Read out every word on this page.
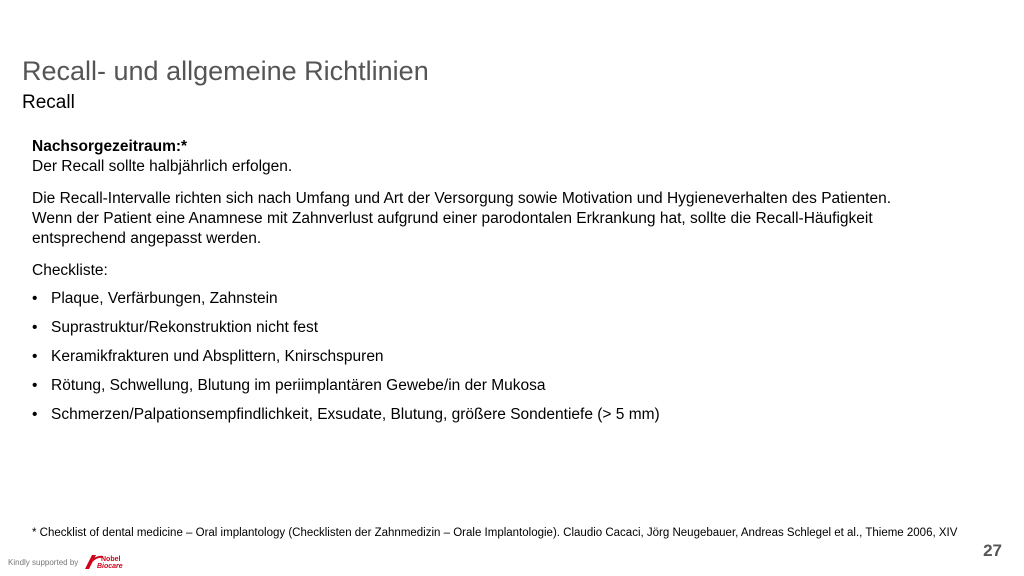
Recall- und allgemeine Richtlinien
Recall
Nachsorgezeitraum:*
Der Recall sollte halbjährlich erfolgen.
Die Recall-Intervalle richten sich nach Umfang und Art der Versorgung sowie Motivation und Hygieneverhalten des Patienten.
Wenn der Patient eine Anamnese mit Zahnverlust aufgrund einer parodontalen Erkrankung hat, sollte die Recall-Häufigkeit
entsprechend angepasst werden.
Checkliste:
• Plaque, Verfärbungen, Zahnstein
• Suprastruktur/Rekonstruktion nicht fest
• Keramikfrakturen und Absplittern, Knirschspuren
• Rötung, Schwellung, Blutung im periimplantären Gewebe/in der Mukosa
• Schmerzen/Palpationsempfindlichkeit, Exsudate, Blutung, größere Sondentiefe (> 5 mm)
* Checklist of dental medicine – Oral implantology (Checklisten der Zahnmedizin – Orale Implantologie). Claudio Cacaci, Jörg Neugebauer, Andreas Schlegel et al., Thieme 2006, XIV
27
Kindly supported by	Nobel
Biocare
